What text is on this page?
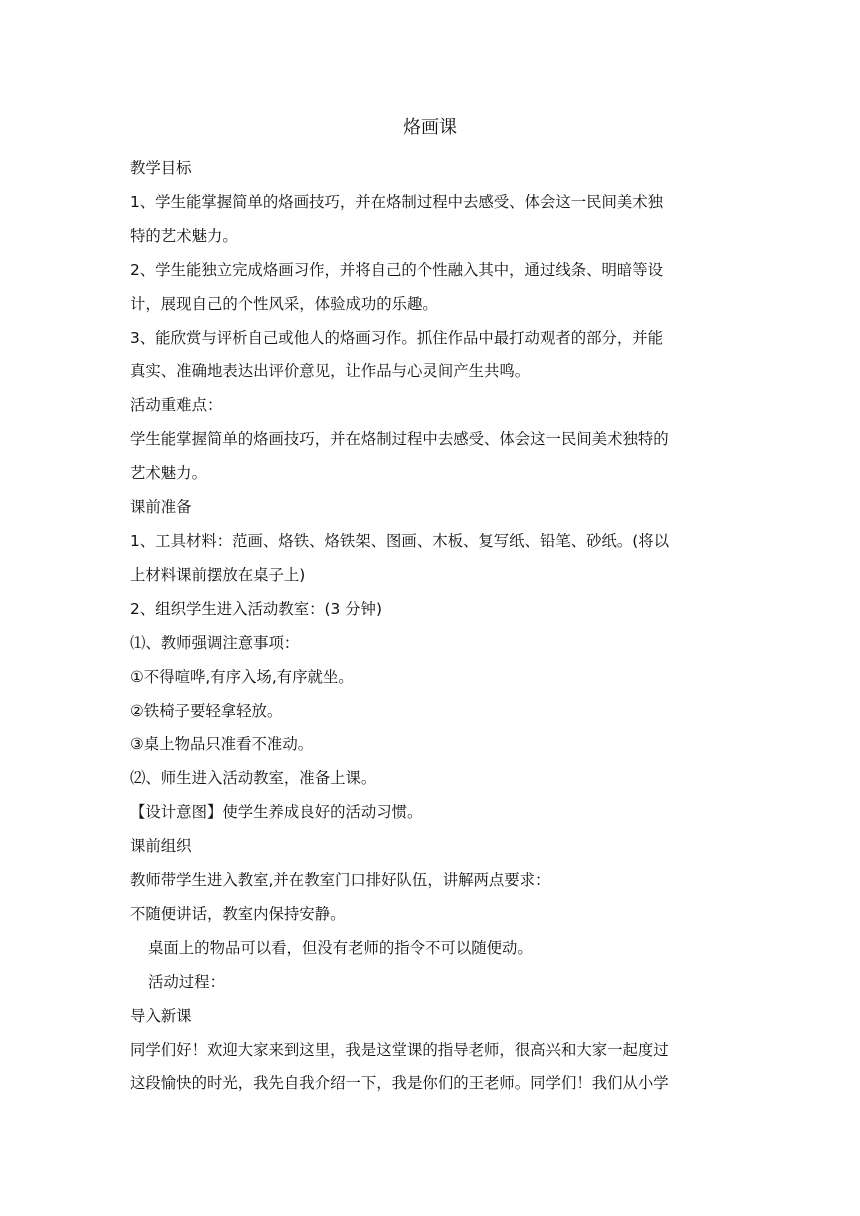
烙画课

教学目标

1、学生能掌握简单的烙画技巧，并在烙制过程中去感受、体会这一民间美术独

特的艺术魅力。

2、学生能独立完成烙画习作，并将自己的个性融入其中，通过线条、明暗等设

计，展现自己的个性风采，体验成功的乐趣。

3、能欣赏与评析自己或他人的烙画习作。抓住作品中最打动观者的部分，并能

真实、准确地表达出评价意见，让作品与心灵间产生共鸣。

活动重难点：

学生能掌握简单的烙画技巧，并在烙制过程中去感受、体会这一民间美术独特的

艺术魅力。

课前准备

1、工具材料：范画、烙铁、烙铁架、图画、木板、复写纸、铅笔、砂纸。(将以

上材料课前摆放在桌子上)

2、组织学生进入活动教室：(3 分钟)

⑴、教师强调注意事项：

①不得喧哗,有序入场,有序就坐。

②铁椅子要轻拿轻放。

③桌上物品只准看不准动。

⑵、师生进入活动教室，准备上课。

【设计意图】使学生养成良好的活动习惯。

课前组织

教师带学生进入教室,并在教室门口排好队伍，讲解两点要求：

不随便讲话，教室内保持安静。

桌面上的物品可以看，但没有老师的指令不可以随便动。

活动过程：

导入新课

同学们好！欢迎大家来到这里，我是这堂课的指导老师，很高兴和大家一起度过

这段愉快的时光，我先自我介绍一下，我是你们的王老师。同学们！我们从小学
